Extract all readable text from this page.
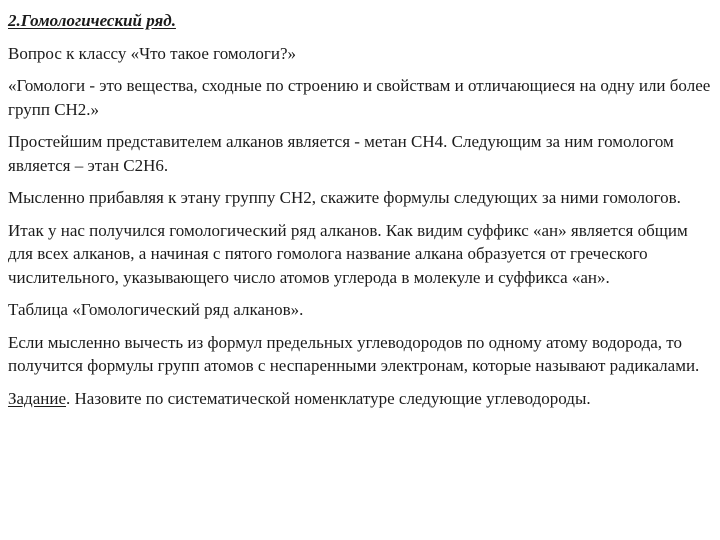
2.Гомологический ряд.

Вопрос к классу «Что такое гомологи?»

«Гомологи - это вещества, сходные по строению и свойствам и отличающиеся на одну или более групп СН2.»

Простейшим представителем алканов является - метан СН4. Следующим за ним гомологом является – этан С2Н6.

Мысленно прибавляя к этану группу СН2, скажите формулы следующих за ними гомологов.

Итак у нас получился гомологический ряд алканов. Как видим суффикс «ан» является общим для всех алканов, а начиная с пятого гомолога название алкана образуется от греческого числительного, указывающего число атомов углерода в молекуле и суффикса «ан».

Таблица «Гомологический ряд алканов».

Если мысленно вычесть из формул предельных углеводородов по одному атому водорода, то получится формулы групп атомов с неспаренными электронам, которые называют радикалами.

Задание. Назовите по систематической номенклатуре следующие углеводороды.
